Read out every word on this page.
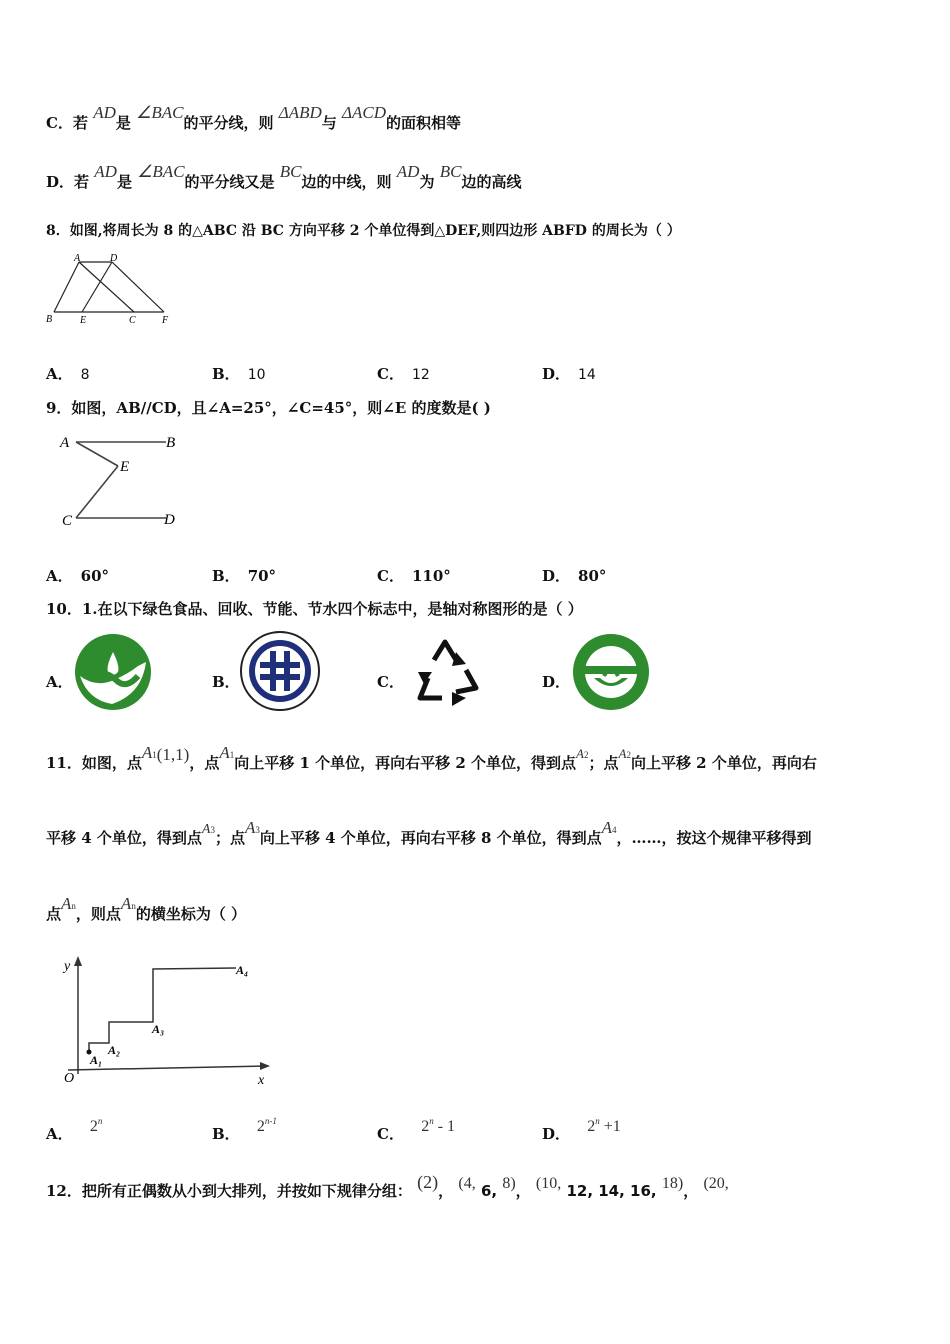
C．若 AD是 ∠BAC的平分线，则 ΔABD与 ΔACD的面积相等
D．若 AD是 ∠BAC的平分线又是 BC边的中线，则 AD为 BC边的高线
8．如图,将周长为 8 的△ABC 沿 BC 方向平移 2 个单位得到△DEF,则四边形 ABFD 的周长为（ ）
A	D
B	E	C	F
A． 8	B． 10	C． 12	D． 14
9．如图，AB//CD，且∠A=25°，∠C=45°，则∠E 的度数是( )
A	B
E
C	D
A． 60°	B． 70°	C． 110°	D． 80°
10．1.在以下绿色食品、回收、节能、节水四个标志中，是轴对称图形的是（ ）
A．	B．	C．	D．
11．如图，点A1(1,1)，点A1向上平移 1 个单位，再向右平移 2 个单位，得到点A2；点A2向上平移 2 个单位，再向右
平移 4 个单位，得到点A3；点A3向上平移 4 个单位，再向右平移 8 个单位，得到点A4，……，按这个规律平移得到
点An，则点An的横坐标为（ ）
y
x
O
A₁
A₂
A₃
A₄
A． 2$^n$
B． 2$^{n-1}$
C． 2$^n$ - 1	D． $2^n +1$
12．把所有正偶数从小到大排列，并按如下规律分组： (2)， (4, 6, 8)， (10, 12, 14, 16, 18)， (20,
